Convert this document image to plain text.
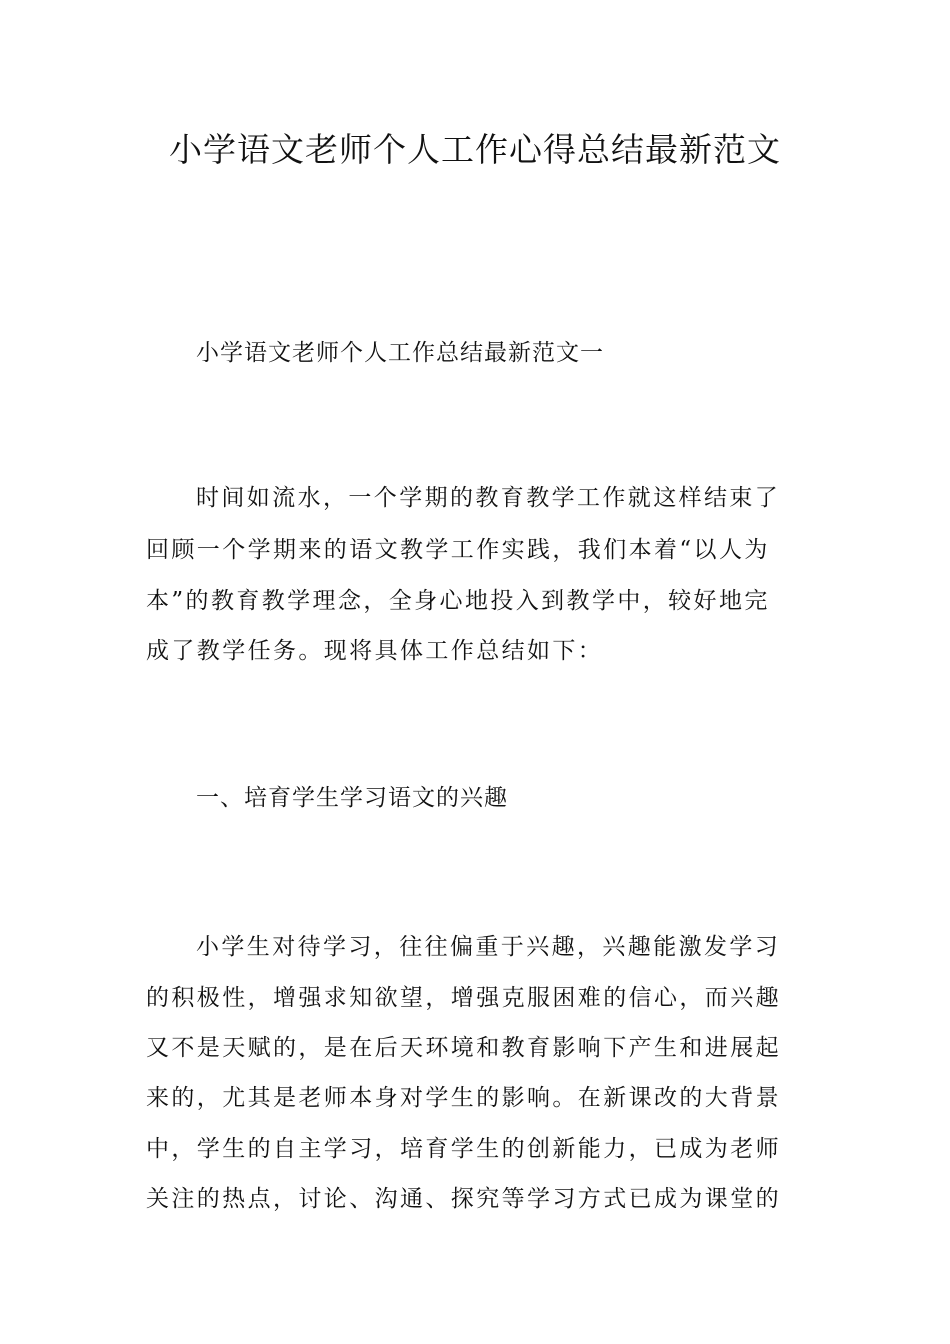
小学语文老师个人工作心得总结最新范文

小学语文老师个人工作总结最新范文一

时间如流水，一个学期的教育教学工作就这样结束了

回顾一个学期来的语文教学工作实践，我们本着“以人为

本”的教育教学理念，全身心地投入到教学中，较好地完

成了教学任务。现将具体工作总结如下：

一、培育学生学习语文的兴趣

小学生对待学习，往往偏重于兴趣，兴趣能激发学习

的积极性，增强求知欲望，增强克服困难的信心，而兴趣

又不是天赋的，是在后天环境和教育影响下产生和进展起

来的，尤其是老师本身对学生的影响。在新课改的大背景

中，学生的自主学习，培育学生的创新能力，已成为老师

关注的热点，讨论、沟通、探究等学习方式已成为课堂的
